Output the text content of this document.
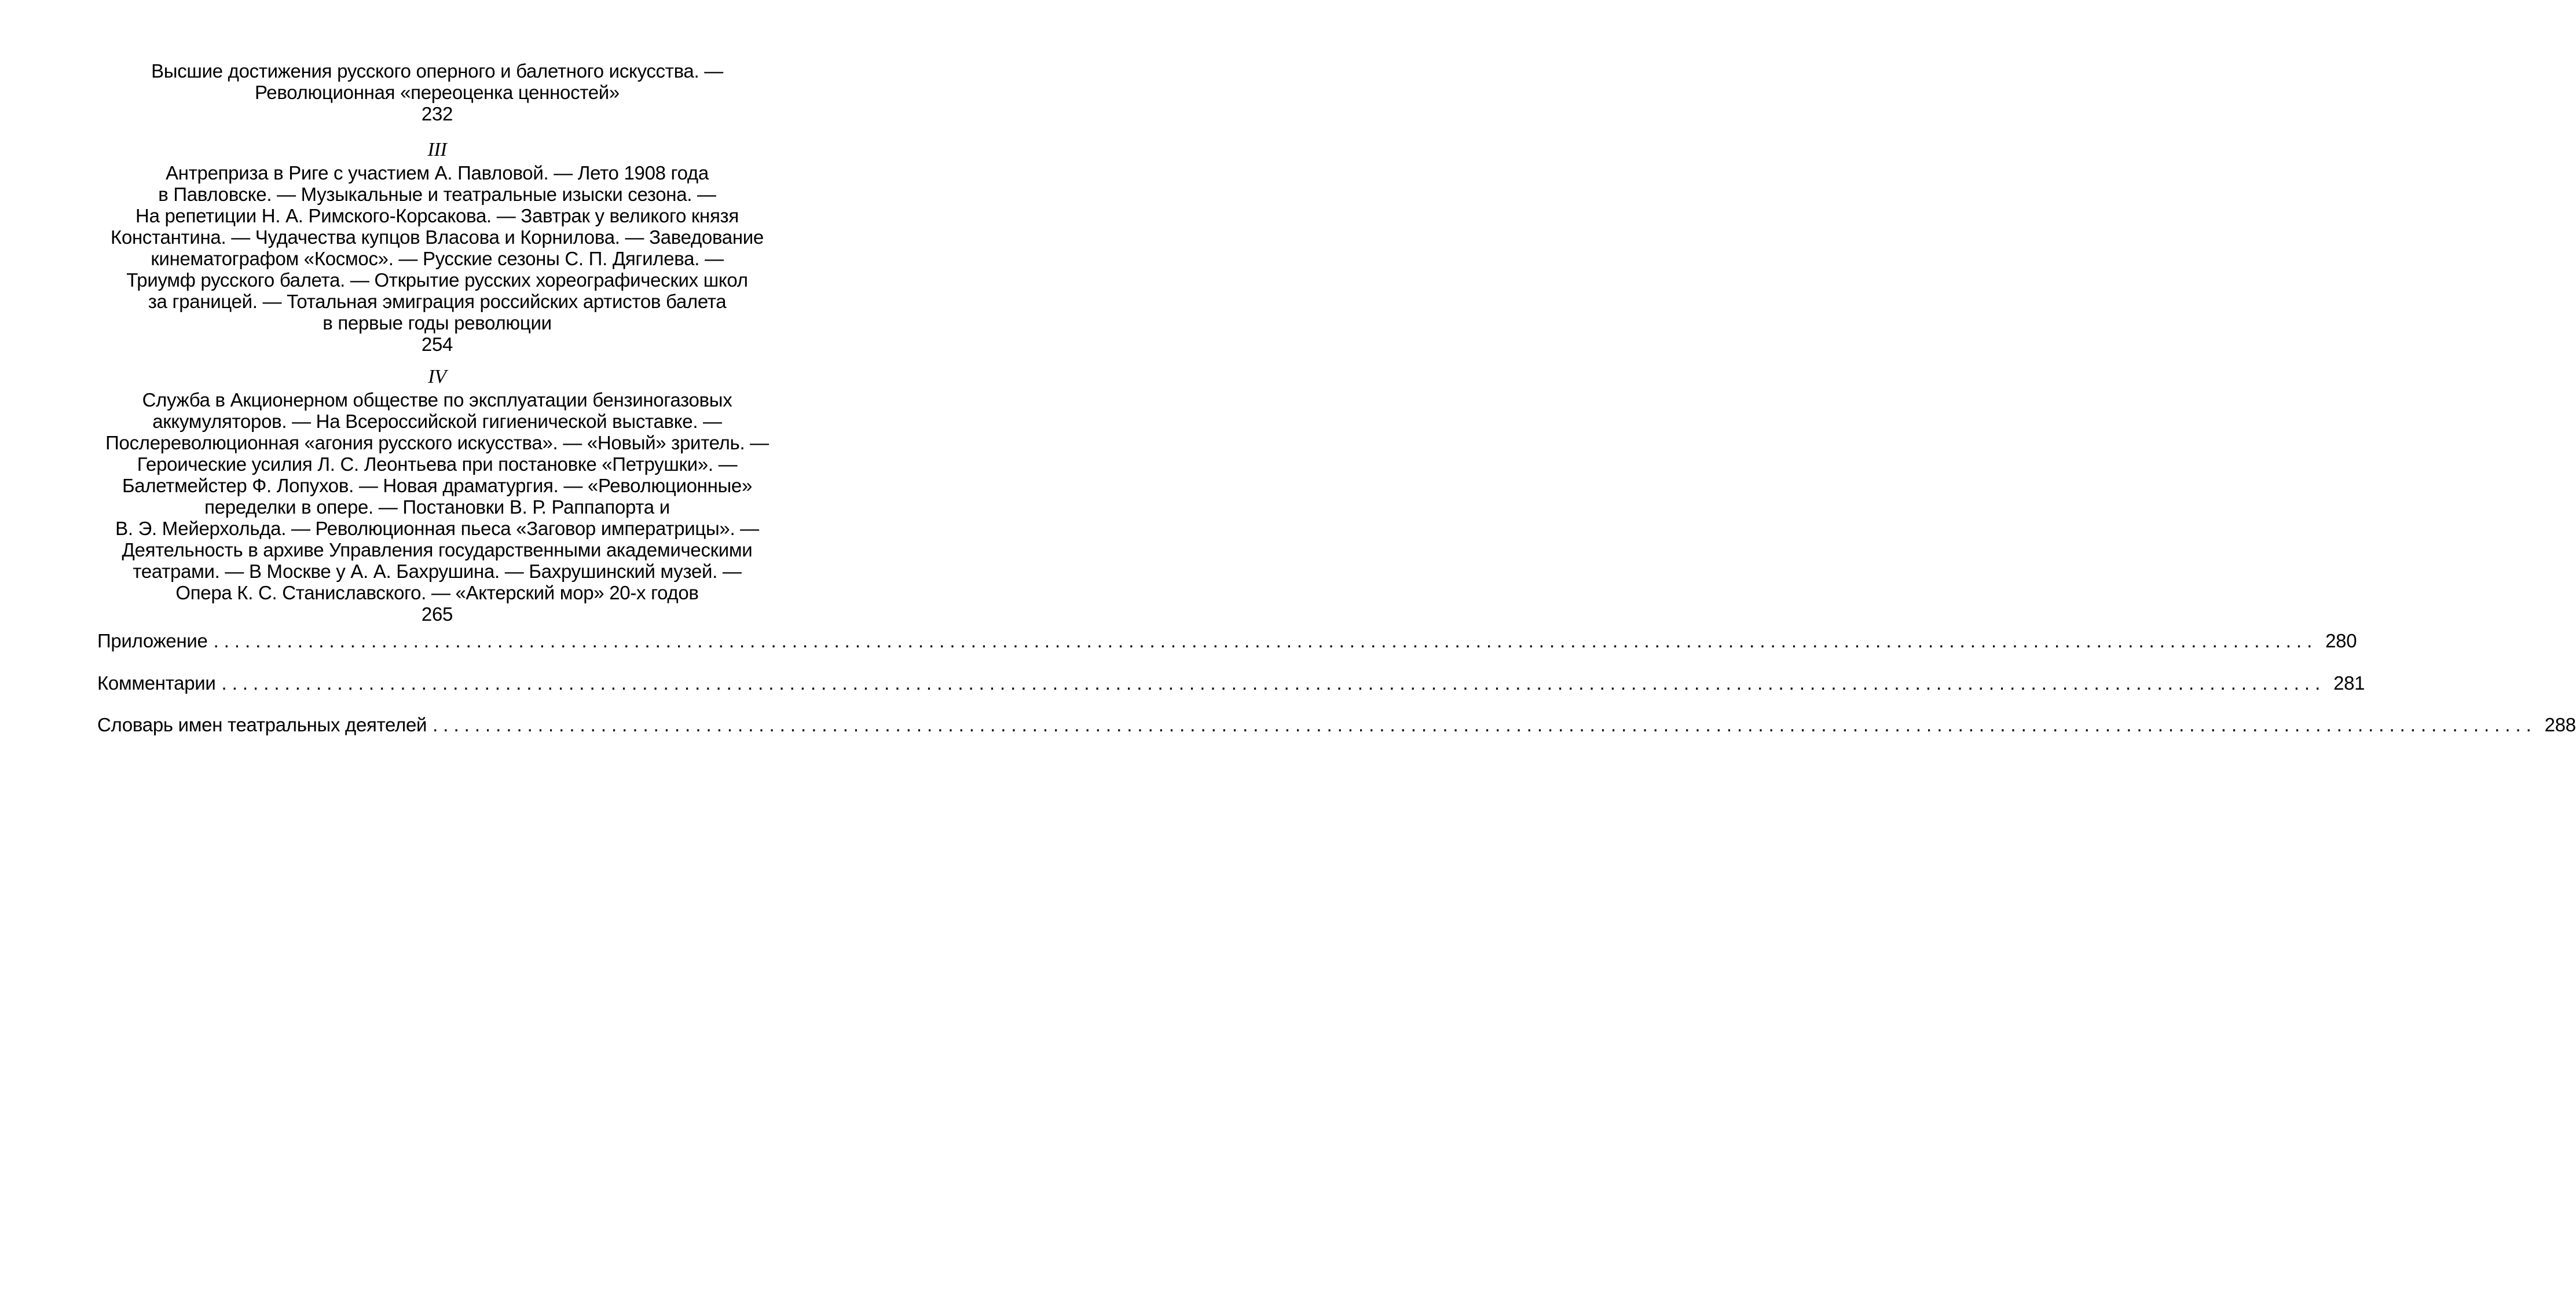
Высшие достижения русского оперного и балетного искусства. —
Революционная «переоценка ценностей»
232
III
Антреприза в Риге с участием А. Павловой. — Лето 1908 года
в Павловске. — Музыкальные и театральные изыски сезона. —
На репетиции Н. А. Римского-Корсакова. — Завтрак у великого князя
Константина. — Чудачества купцов Власова и Корнилова. — Заведование
кинематографом «Космос». — Русские сезоны С. П. Дягилева. —
Триумф русского балета. — Открытие русских хореографических школ
за границей. — Тотальная эмиграция российских артистов балета
в первые годы революции
254
IV
Служба в Акционерном обществе по эксплуатации бензиногазовых
аккумуляторов. — На Всероссийской гигиенической выставке. —
Послереволюционная «агония русского искусства». — «Новый» зритель. —
Героические усилия Л. С. Леонтьева при постановке «Петрушки». —
Балетмейстер Ф. Лопухов. — Новая драматургия. — «Революционные»
переделки в опере. — Постановки В. Р. Раппапорта и
В. Э. Мейерхольда. — Революционная пьеса «Заговор императрицы». —
Деятельность в архиве Управления государственными академическими
театрами. — В Москве у А. А. Бахрушина. — Бахрушинский музей. —
Опера К. С. Станиславского. — «Актерский мор» 20-х годов
265
Приложение ........................................................................................................................................................................................................ 280
Комментарии ........................................................................................................................................................................................................ 281
Словарь имен театральных деятелей ........................................................................................................................................................................................................ 288
